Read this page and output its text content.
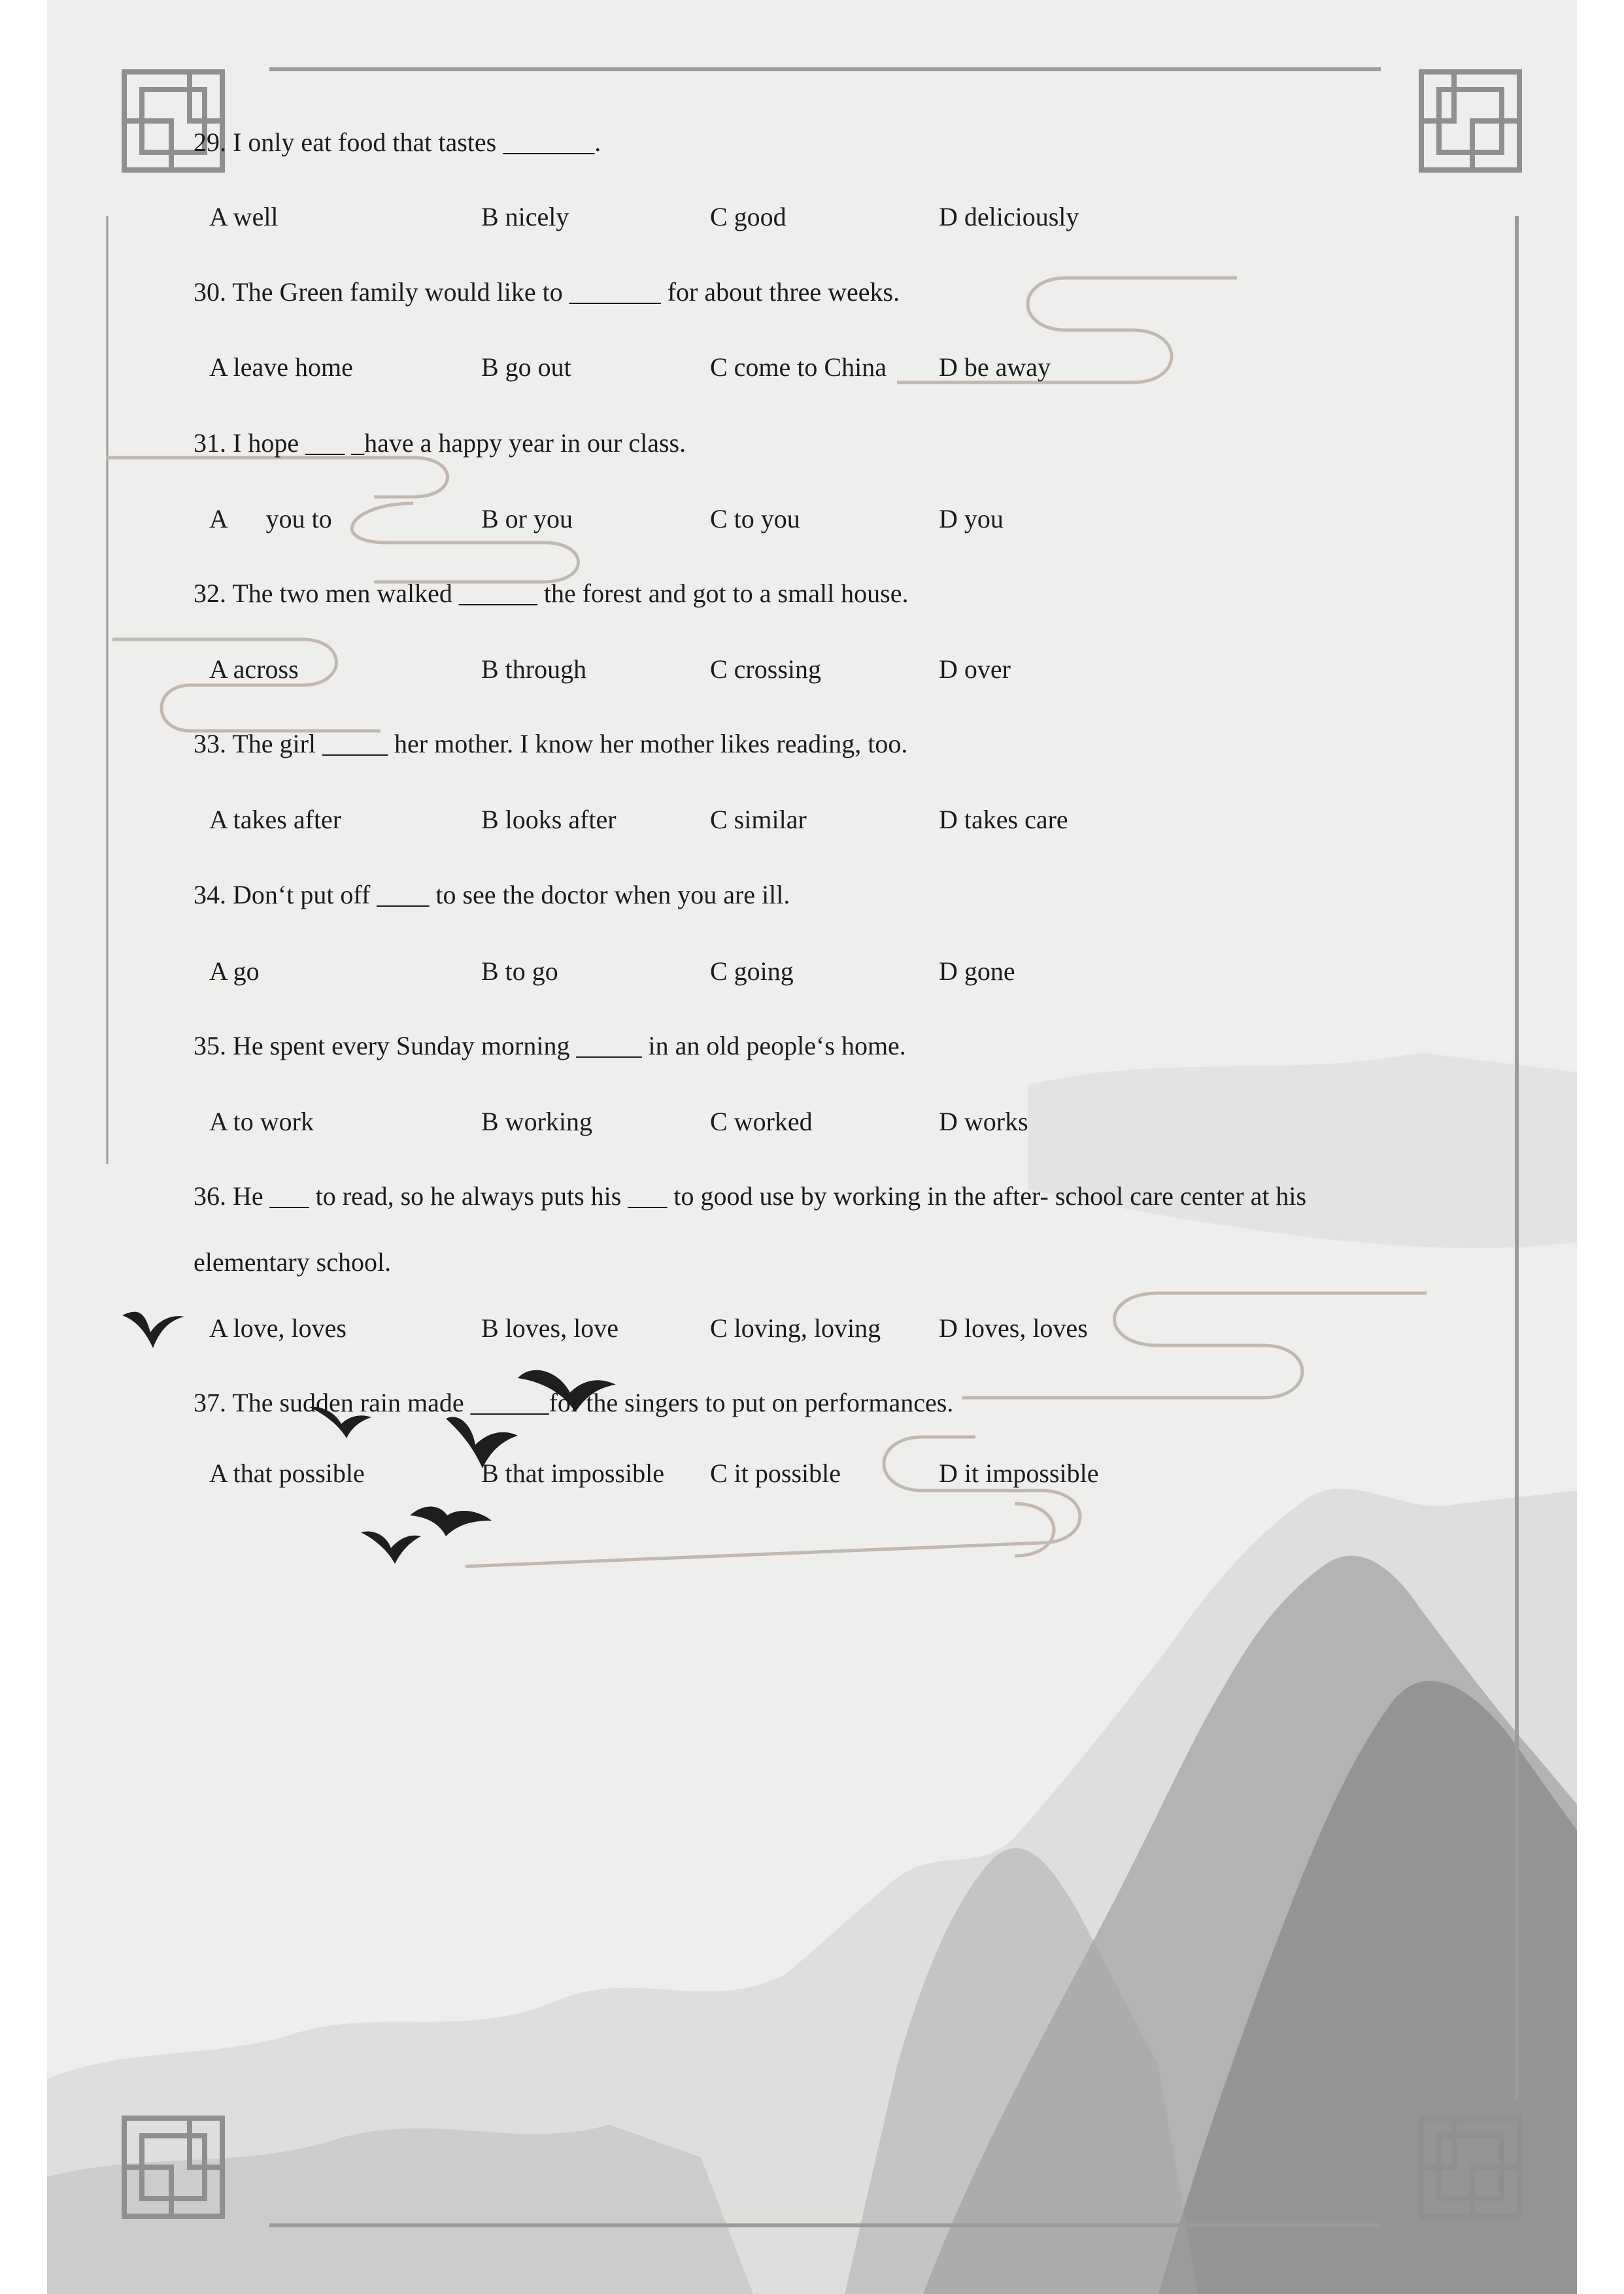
29. I only eat food that tastes _______.
A well	B nicely	C good	D deliciously
30. The Green family would like to _______ for about three weeks.
A leave home	B go out	C come to China D be away
31. I hope ___ _have a happy year in our class.
A      you to	B or you	C to you	D you
32. The two men walked ______ the forest and got to a small house.
A across	B through	C crossing	D over
33. The girl _____ her mother. I know her mother likes reading, too.
A takes after	B looks after	C similar	D takes care
34. Don‘t put off ____ to see the doctor when you are ill.
A go	B to go	C going	D gone
35. He spent every Sunday morning _____ in an old people‘s home.
A to work	B working	C worked	D works
36. He ___ to read, so he always puts his ___ to good use by working in the after- school care center at his
elementary school.
A love, loves	B loves, love	C loving, loving D loves, loves
37. The sudden rain made ______for the singers to put on performances.
A that possible	B that impossible C it possible	D it impossible
